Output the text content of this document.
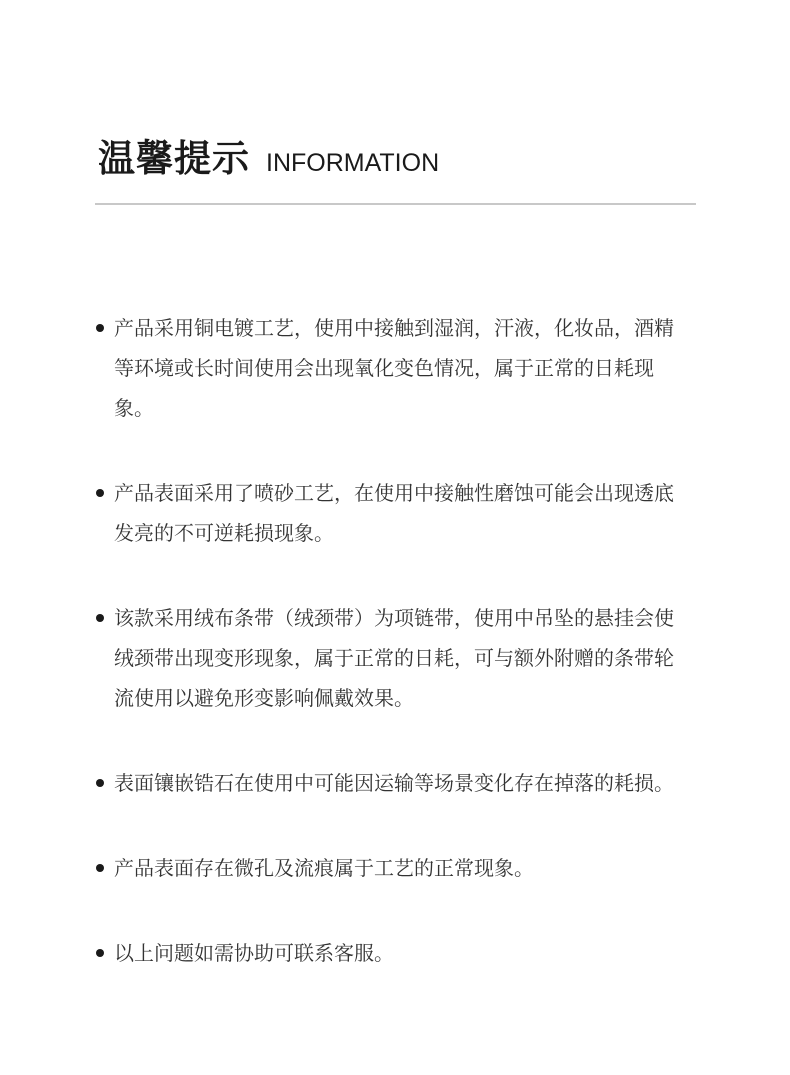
温馨提示 INFORMATION
产品采用铜电镀工艺，使用中接触到湿润，汗液，化妆品，酒精等环境或长时间使用会出现氧化变色情况，属于正常的日耗现象。
产品表面采用了喷砂工艺，在使用中接触性磨蚀可能会出现透底发亮的不可逆耗损现象。
该款采用绒布条带（绒颈带）为项链带，使用中吊坠的悬挂会使绒颈带出现变形现象，属于正常的日耗，可与额外附赠的条带轮流使用以避免形变影响佩戴效果。
表面镶嵌锆石在使用中可能因运输等场景变化存在掉落的耗损。
产品表面存在微孔及流痕属于工艺的正常现象。
以上问题如需协助可联系客服。
